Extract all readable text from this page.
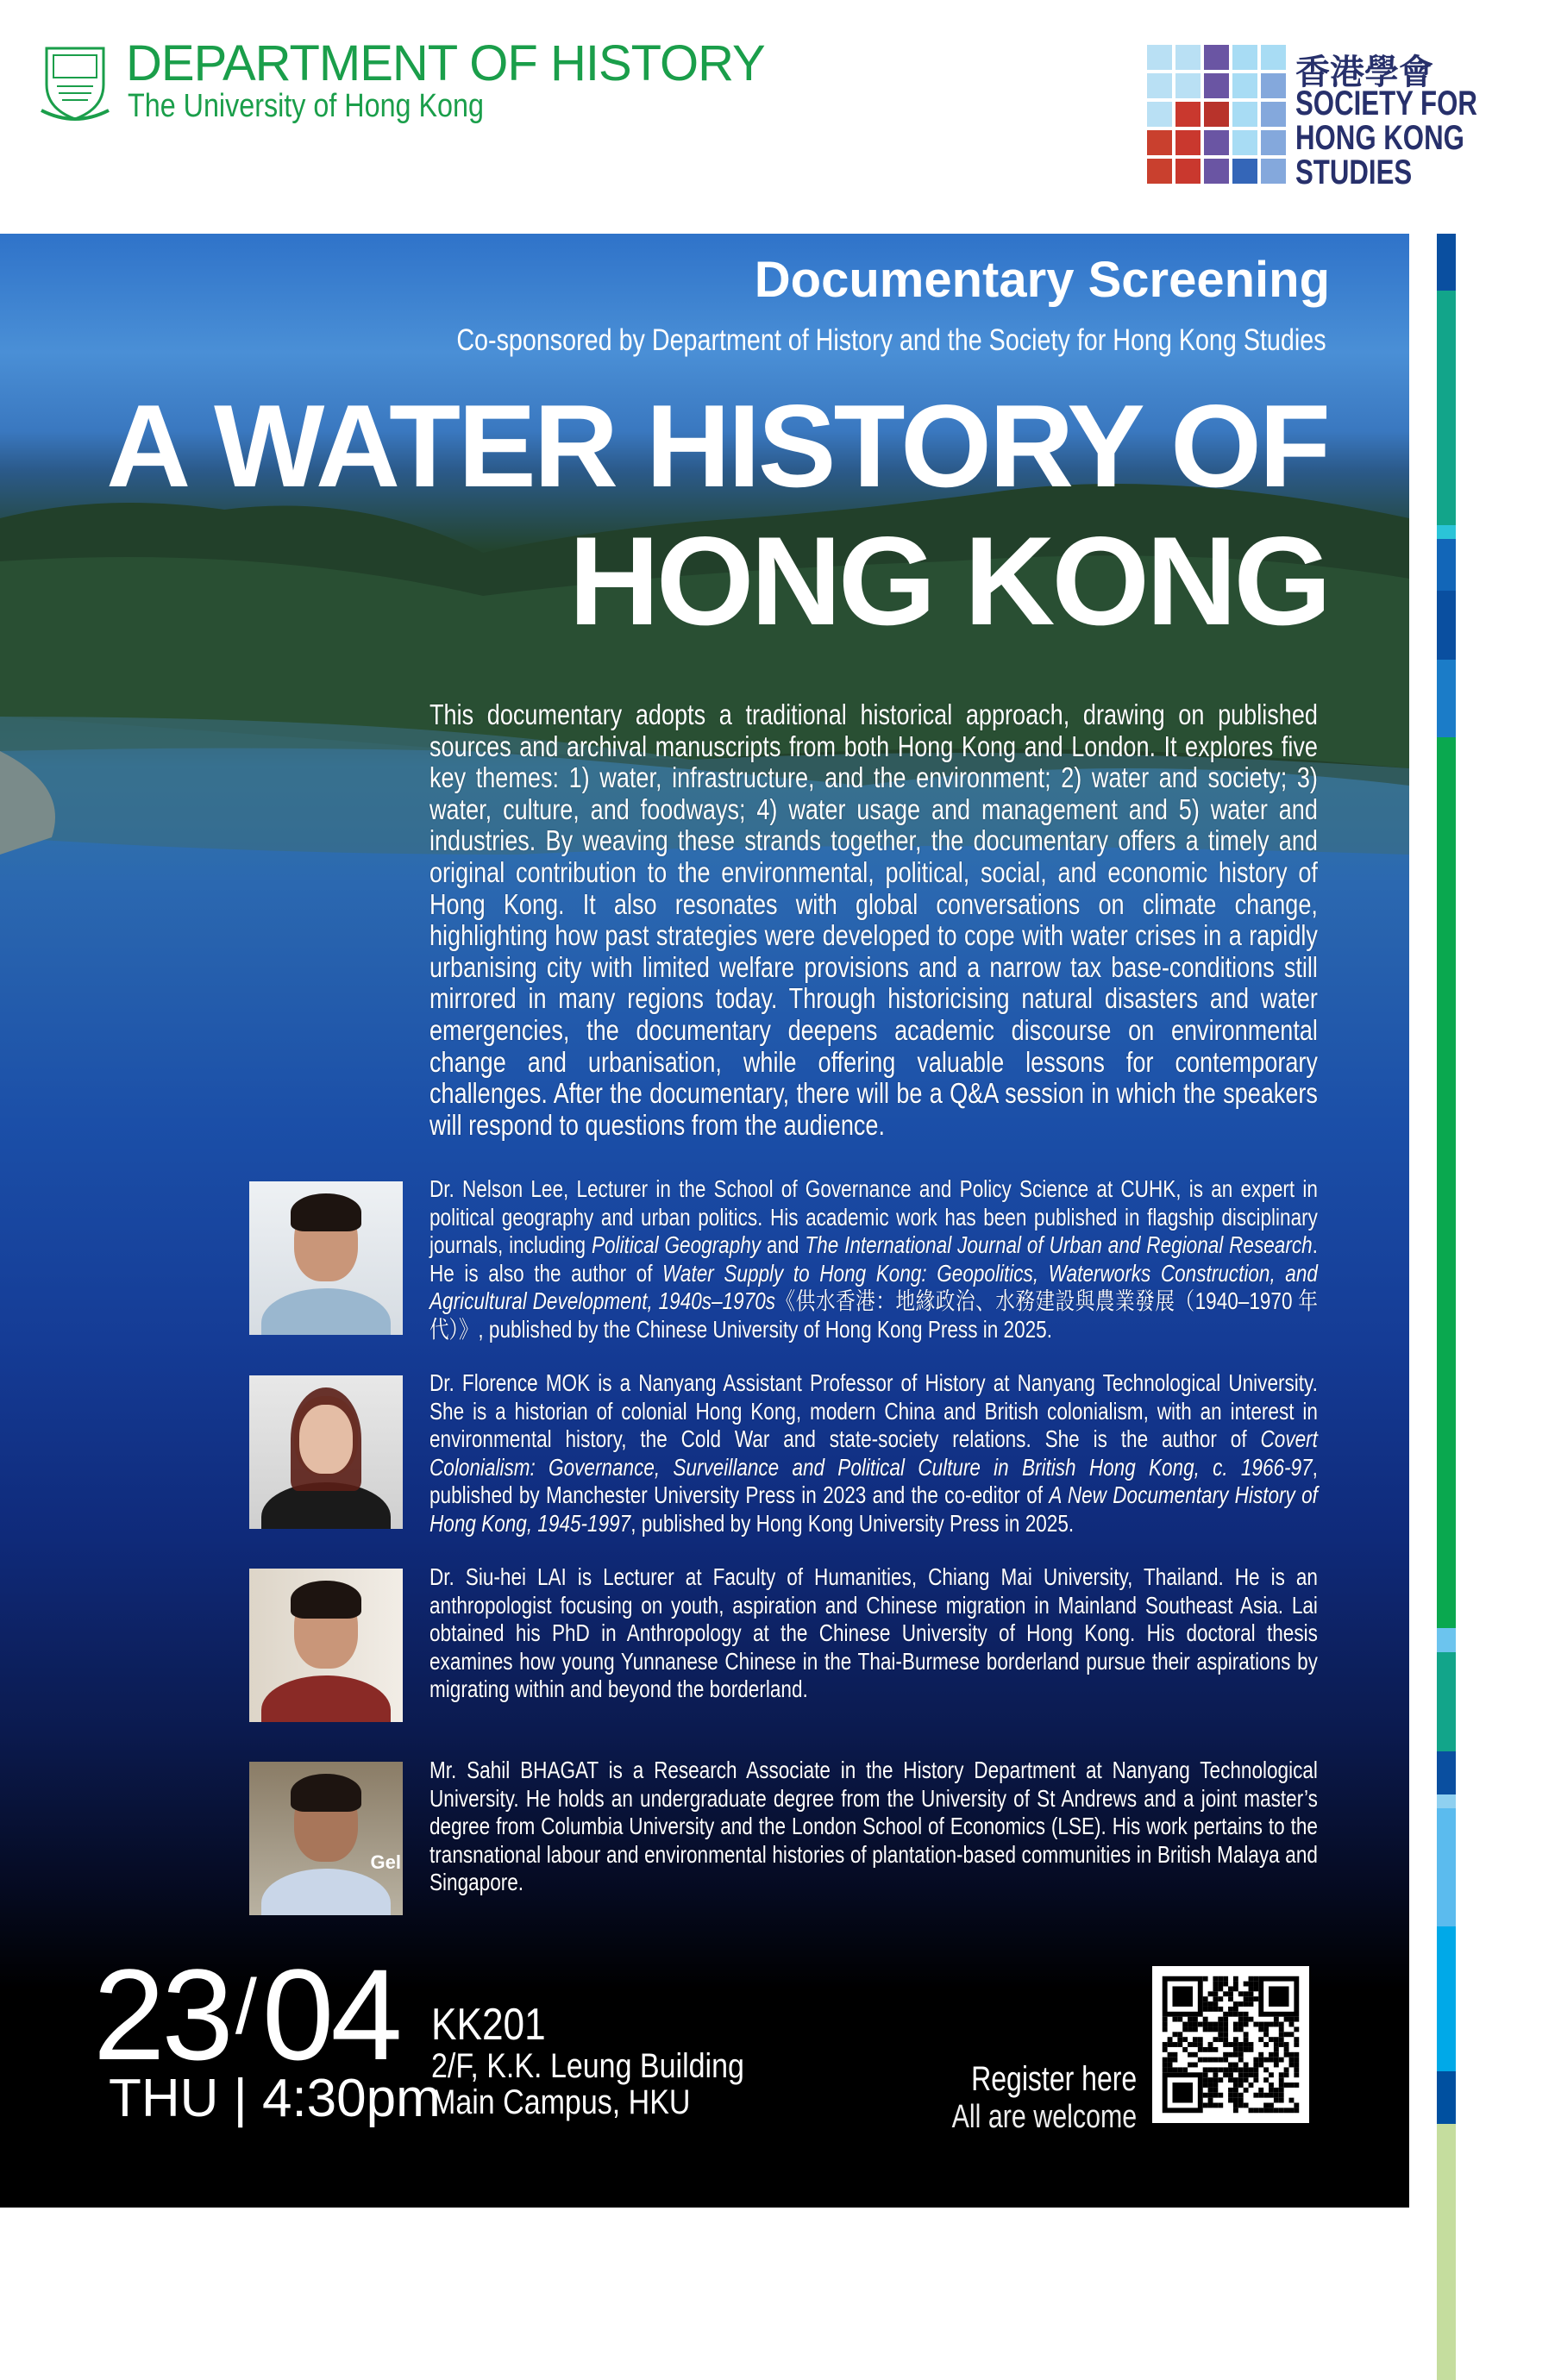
DEPARTMENT OF HISTORY
The University of Hong Kong
香港學會
SOCIETY FOR
HONG KONG
STUDIES
Documentary Screening
Co-sponsored by Department of History and the Society for Hong Kong Studies
A WATER HISTORY OF
HONG KONG
This documentary adopts a traditional historical approach, drawing on published sources and archival manuscripts from both Hong Kong and London. It explores five key themes: 1) water, infrastructure, and the environment; 2) water and society; 3) water, culture, and foodways; 4) water usage and management and 5) water and industries. By weaving these strands together, the documentary offers a timely and original contribution to the environmental, political, social, and economic history of Hong Kong. It also resonates with global conversations on climate change, highlighting how past strategies were developed to cope with water crises in a rapidly urbanising city with limited welfare provisions and a narrow tax base-conditions still mirrored in many regions today. Through historicising natural disasters and water emergencies, the documentary deepens academic discourse on environmental change and urbanisation, while offering valuable lessons for contemporary challenges. After the documentary, there will be a Q&A session in which the speakers will respond to questions from the audience.
Dr. Nelson Lee, Lecturer in the School of Governance and Policy Science at CUHK, is an expert in political geography and urban politics. His academic work has been published in flagship disciplinary journals, including Political Geography and The International Journal of Urban and Regional Research. He is also the author of Water Supply to Hong Kong: Geopolitics, Waterworks Construction, and Agricultural Development, 1940s–1970s《供水香港：地緣政治、水務建設與農業發展（1940–1970 年代）》, published by the Chinese University of Hong Kong Press in 2025.
Dr. Florence MOK is a Nanyang Assistant Professor of History at Nanyang Technological University. She is a historian of colonial Hong Kong, modern China and British colonialism, with an interest in environmental history, the Cold War and state-society relations. She is the author of Covert Colonialism: Governance, Surveillance and Political Culture in British Hong Kong, c. 1966-97, published by Manchester University Press in 2023 and the co-editor of A New Documentary History of Hong Kong, 1945-1997, published by Hong Kong University Press in 2025.
Dr. Siu-hei LAI is Lecturer at Faculty of Humanities, Chiang Mai University, Thailand. He is an anthropologist focusing on youth, aspiration and Chinese migration in Mainland Southeast Asia. Lai obtained his PhD in Anthropology at the Chinese University of Hong Kong. His doctoral thesis examines how young Yunnanese Chinese in the Thai-Burmese borderland pursue their aspirations by migrating within and beyond the borderland.
Gel
Mr. Sahil BHAGAT is a Research Associate in the History Department at Nanyang Technological University. He holds an undergraduate degree from the University of St Andrews and a joint master’s degree from Columbia University and the London School of Economics (LSE). His work pertains to the transnational labour and environmental histories of plantation-based communities in British Malaya and Singapore.
23/04
THU | 4:30pm
KK201
2/F, K.K. Leung Building
Main Campus, HKU
Register here
All are welcome
